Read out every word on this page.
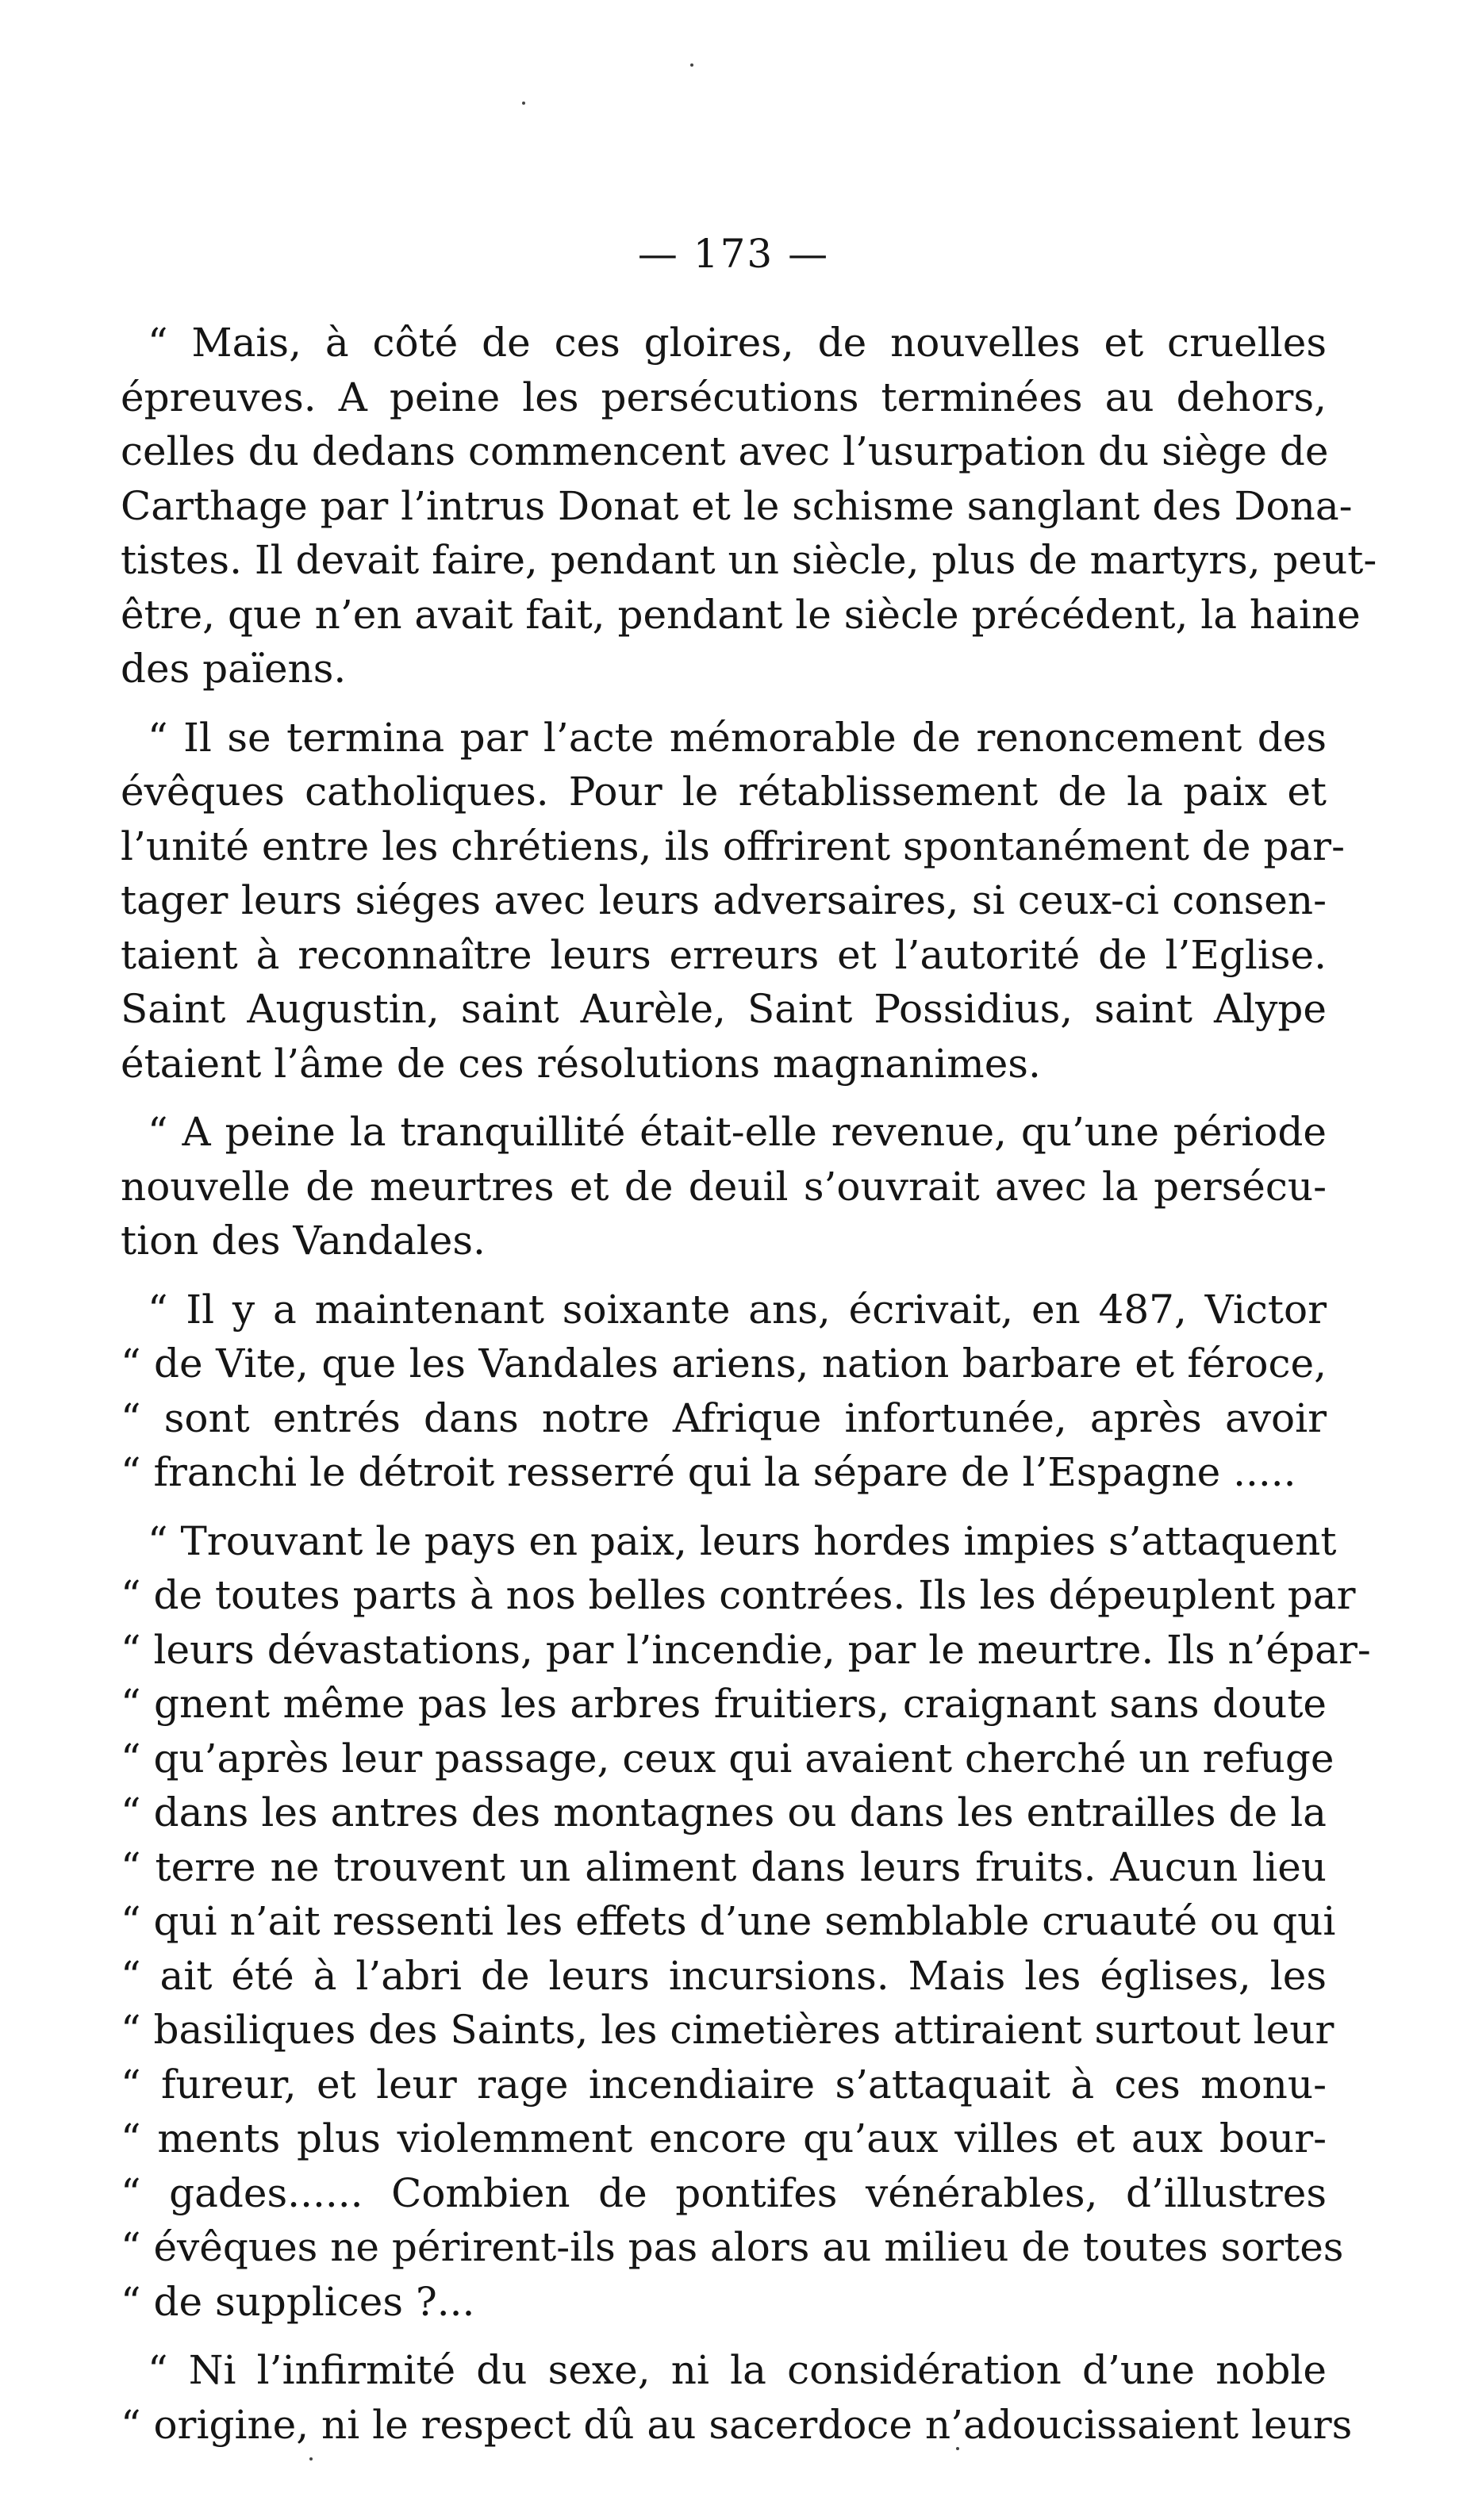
— 173 —
“ Mais, à côté de ces gloires, de nouvelles et cruelles
épreuves. A peine les persécutions terminées au dehors,
celles du dedans commencent avec l’usurpation du siège de
Carthage par l’intrus Donat et le schisme sanglant des Dona-
tistes. Il devait faire, pendant un siècle, plus de martyrs, peut-
être, que n’en avait fait, pendant le siècle précédent, la haine
des païens.
“ Il se termina par l’acte mémorable de renoncement des
évêques catholiques. Pour le rétablissement de la paix et
l’unité entre les chrétiens, ils offrirent spontanément de par-
tager leurs siéges avec leurs adversaires, si ceux-ci consen-
taient à reconnaître leurs erreurs et l’autorité de l’Eglise.
Saint Augustin, saint Aurèle, Saint Possidius, saint Alype
étaient l’âme de ces résolutions magnanimes.
“ A peine la tranquillité était-elle revenue, qu’une période
nouvelle de meurtres et de deuil s’ouvrait avec la persécu-
tion des Vandales.
“ Il y a maintenant soixante ans, écrivait, en 487, Victor
“ de Vite, que les Vandales ariens, nation barbare et féroce,
“ sont entrés dans notre Afrique infortunée, après avoir
“ franchi le détroit resserré qui la sépare de l’Espagne .....
“ Trouvant le pays en paix, leurs hordes impies s’attaquent
“ de toutes parts à nos belles contrées. Ils les dépeuplent par
“ leurs dévastations, par l’incendie, par le meurtre. Ils n’épar-
“ gnent même pas les arbres fruitiers, craignant sans doute
“ qu’après leur passage, ceux qui avaient cherché un refuge
“ dans les antres des montagnes ou dans les entrailles de la
“ terre ne trouvent un aliment dans leurs fruits. Aucun lieu
“ qui n’ait ressenti les effets d’une semblable cruauté ou qui
“ ait été à l’abri de leurs incursions. Mais les églises, les
“ basiliques des Saints, les cimetières attiraient surtout leur
“ fureur, et leur rage incendiaire s’attaquait à ces monu-
“ ments plus violemment encore qu’aux villes et aux bour-
“ gades...... Combien de pontifes vénérables, d’illustres
“ évêques ne périrent-ils pas alors au milieu de toutes sortes
“ de supplices ?...
“ Ni l’infirmité du sexe, ni la considération d’une noble
“ origine, ni le respect dû au sacerdoce n’adoucissaient leurs
